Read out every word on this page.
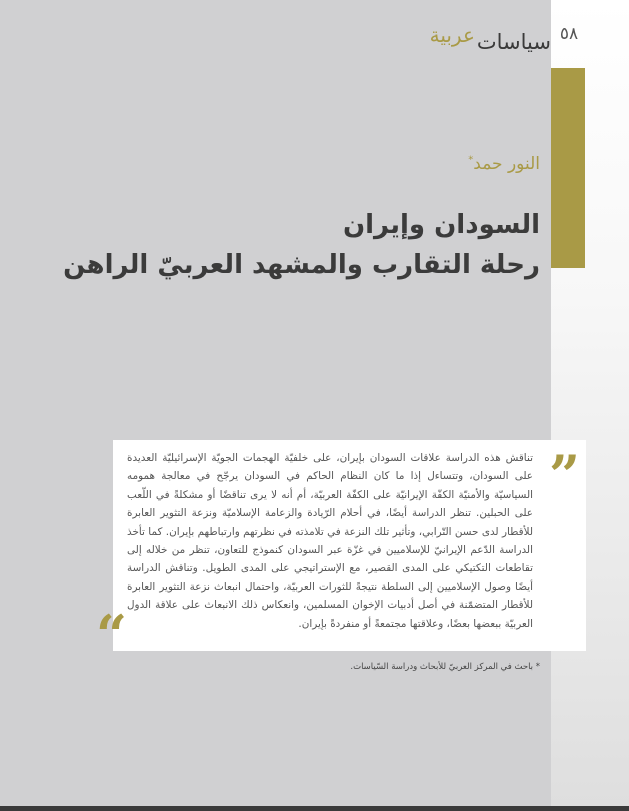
٥٨
عربية سياسات
النور حمد*
السودان وإيران
رحلة التقارب والمشهد العربيّ الراهن
تناقش هذه الدراسة علاقات السودان بإيران، على خلفيّة الهجمات الجويّة الإسرائيليّة العديدة على السودان، وتتساءل إذا ما كان النظام الحاكم في السودان يرجّح في معالجة همومه السياسيّة والأمنيّة الكفّة الإيرانيّة على الكفّة العربيّة، أم أنه لا يرى تناقضًا أو مشكلةً في اللّعب على الحبلين. تنظر الدراسة أيضًا، في أحلام الرّيادة والزعامة الإسلاميّة ونزعة التثوير العابرة للأقطار لدى حسن التّرابي، وتأثير تلك النزعة في تلامذته في نظرتهم وارتباطهم بإيران. كما تأخذ الدراسة الدّعم الإيرانيّ للإسلاميين في غزّة عبر السودان كنموذج للتعاون، تنظر من خلاله إلى تقاطعات التكتيكي على المدى القصير، مع الإستراتيجي على المدى الطويل. وتناقش الدراسة أيضًا وصول الإسلاميين إلى السلطة نتيجةً للثورات العربيّة، واحتمال انبعاث نزعة التثوير العابرة للأقطار المتضمّنة في أصل أدبيات الإخوان المسلمين، وانعكاس ذلك الانبعاث على علاقة الدول العربيّة ببعضها بعضًا، وعلاقتها مجتمعةً أو منفردةً بإيران.
”
“	* باحث في المركز العربيّ للأبحاث ودراسة السّياسات.
